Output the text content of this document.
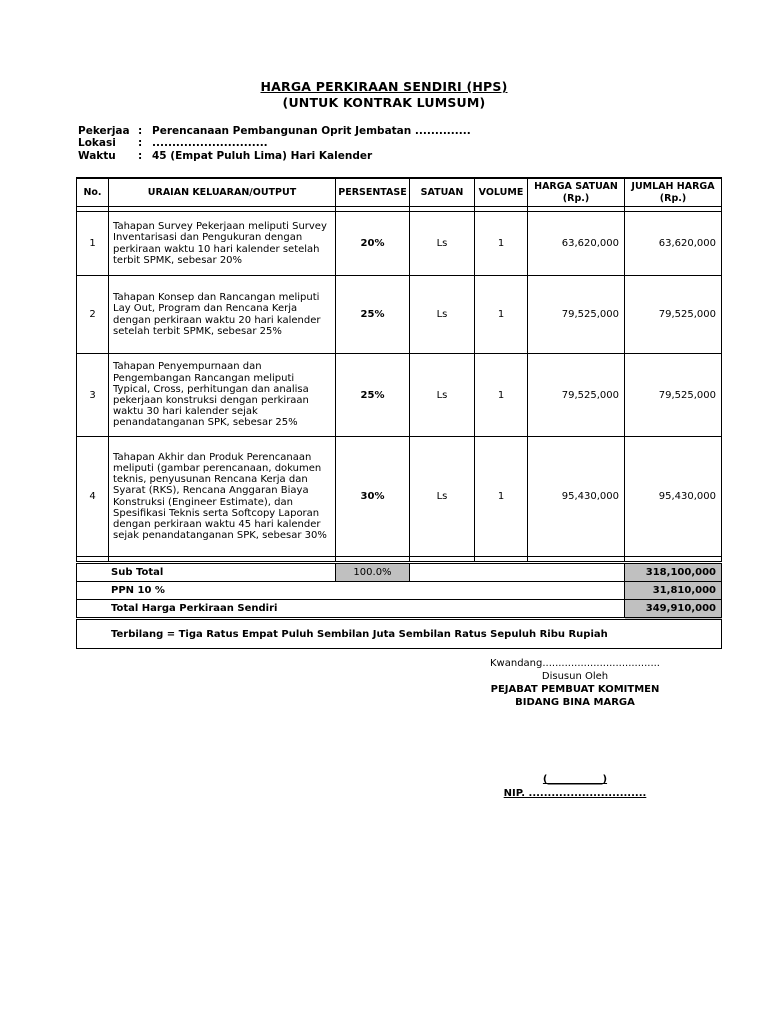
HARGA PERKIRAAN SENDIRI (HPS)
(UNTUK KONTRAK LUMSUM)
Pekerjaa : Perencanaan Pembangunan Oprit Jembatan ..............
Lokasi	: .............................
Waktu	: 45 (Empat Puluh Lima) Hari Kalender
No.	URAIAN KELUARAN/OUTPUT	PERSENTASE	SATUAN	VOLUME	HARGA SATUAN (Rp.)	JUMLAH HARGA (Rp.)

1	Tahapan Survey Pekerjaan meliputi Survey Inventarisasi dan Pengukuran dengan perkiraan waktu 10 hari kalender setelah terbit SPMK, sebesar 20%	20%	Ls	1	63,620,000	63,620,000
2	Tahapan Konsep dan Rancangan meliputi Lay Out, Program dan Rencana Kerja dengan perkiraan waktu 20 hari kalender setelah terbit SPMK, sebesar 25%	25%	Ls	1	79,525,000	79,525,000
3	Tahapan Penyempurnaan dan Pengembangan Rancangan meliputi Typical, Cross, perhitungan dan analisa pekerjaan konstruksi dengan perkiraan waktu 30 hari kalender sejak penandatanganan SPK, sebesar 25%	25%	Ls	1	79,525,000	79,525,000
4	Tahapan Akhir dan Produk Perencanaan meliputi (gambar perencanaan, dokumen teknis, penyusunan Rencana Kerja dan Syarat (RKS), Rencana Anggaran Biaya Konstruksi (Engineer Estimate), dan Spesifikasi Teknis serta Softcopy Laporan dengan perkiraan waktu 45 hari kalender sejak penandatanganan SPK, sebesar 30%	30%	Ls	1	95,430,000	95,430,000

Sub Total		100.0%				318,100,000
PPN 10 %						31,810,000
Total Harga Perkiraan Sendiri						349,910,000
Terbilang = Tiga Ratus Empat Puluh Sembilan Juta Sembilan Ratus Sepuluh Ribu Rupiah						
Kwandang.....................................
Disusun Oleh
PEJABAT PEMBUAT KOMITMEN
BIDANG BINA MARGA
(___________)
NIP. ...............................
